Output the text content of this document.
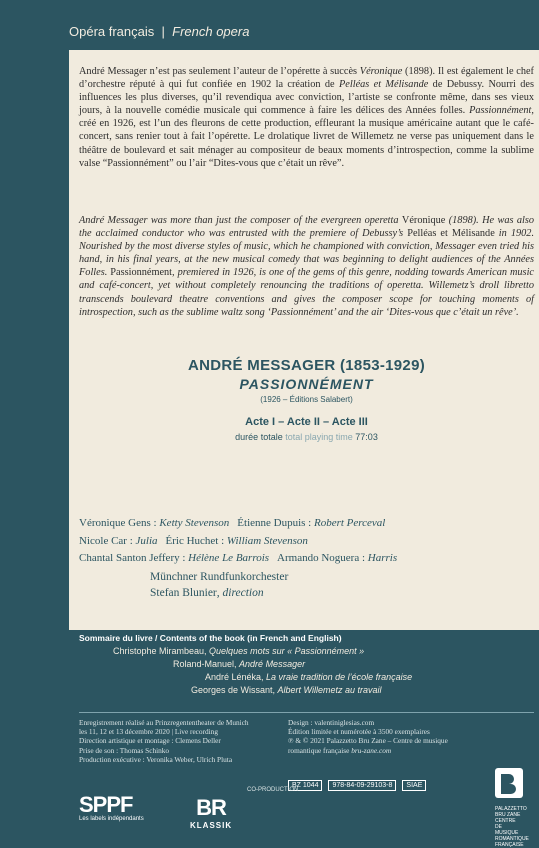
Opéra français | French opera
André Messager n’est pas seulement l’auteur de l’opérette à succès Véronique (1898). Il est également le chef d’orchestre réputé à qui fut confiée en 1902 la création de Pelléas et Mélisande de Debussy. Nourri des influences les plus diverses, qu’il revendiqua avec conviction, l’artiste se confronte même, dans ses vieux jours, à la nouvelle comédie musicale qui commence à faire les délices des Années folles. Passionnément, créé en 1926, est l’un des fleurons de cette production, effleurant la musique américaine autant que le café-concert, sans renier tout à fait l’opérette. Le drolatique livret de Willemetz ne verse pas uniquement dans le théâtre de boulevard et sait ménager au compositeur de beaux moments d’introspection, comme la sublime valse “Passionnément” ou l’air “Dites-vous que c’était un rêve”.
André Messager was more than just the composer of the evergreen operetta Véronique (1898). He was also the acclaimed conductor who was entrusted with the premiere of Debussy’s Pelléas et Mélisande in 1902. Nourished by the most diverse styles of music, which he championed with conviction, Messager even tried his hand, in his final years, at the new musical comedy that was beginning to delight audiences of the Années Folles. Passionnément, premiered in 1926, is one of the gems of this genre, nodding towards American music and café-concert, yet without completely renouncing the traditions of operetta. Willemetz’s droll libretto transcends boulevard theatre conventions and gives the composer scope for touching moments of introspection, such as the sublime waltz song ‘Passionnément’ and the air ‘Dites-vous que c’était un rêve’.
ANDRÉ MESSAGER (1853-1929)
PASSIONNÉMENT
(1926 – Éditions Salabert)
Acte I – Acte II – Acte III
durée totale total playing time 77:03
Véronique Gens : Ketty Stevenson Étienne Dupuis : Robert Perceval
Nicole Car : Julia Éric Huchet : William Stevenson
Chantal Santon Jeffery : Hélène Le Barrois Armando Noguera : Harris
Münchner Rundfunkorchester
Stefan Blunier, direction
Sommaire du livre / Contents of the book (in French and English)
Christophe Mirambeau, Quelques mots sur « Passionnément »
Roland-Manuel, André Messager
André Lénéka, La vraie tradition de l’école française
Georges de Wissant, Albert Willemetz au travail
Enregistrement réalisé au Prinzregententheater de Munich
les 11, 12 et 13 décembre 2020 | Live recording
Direction artistique et montage : Clemens Deller
Prise de son : Thomas Schinko
Production exécutive : Veronika Weber, Ulrich Pluta
Design : valentiniglesias.com
Édition limitée et numérotée à 3500 exemplaires
℗ & © 2021 Palazzetto Bru Zane – Centre de musique
romantique française bru-zane.com
BZ 1044	978-84-09-29103-8	SIAE
SPPF
Les labels indépendants
CO-PRODUCTION
BR
KLASSIK
PALAZZETTO
BRU ZANE
CENTRE
DE MUSIQUE
ROMANTIQUE
FRANÇAISE
